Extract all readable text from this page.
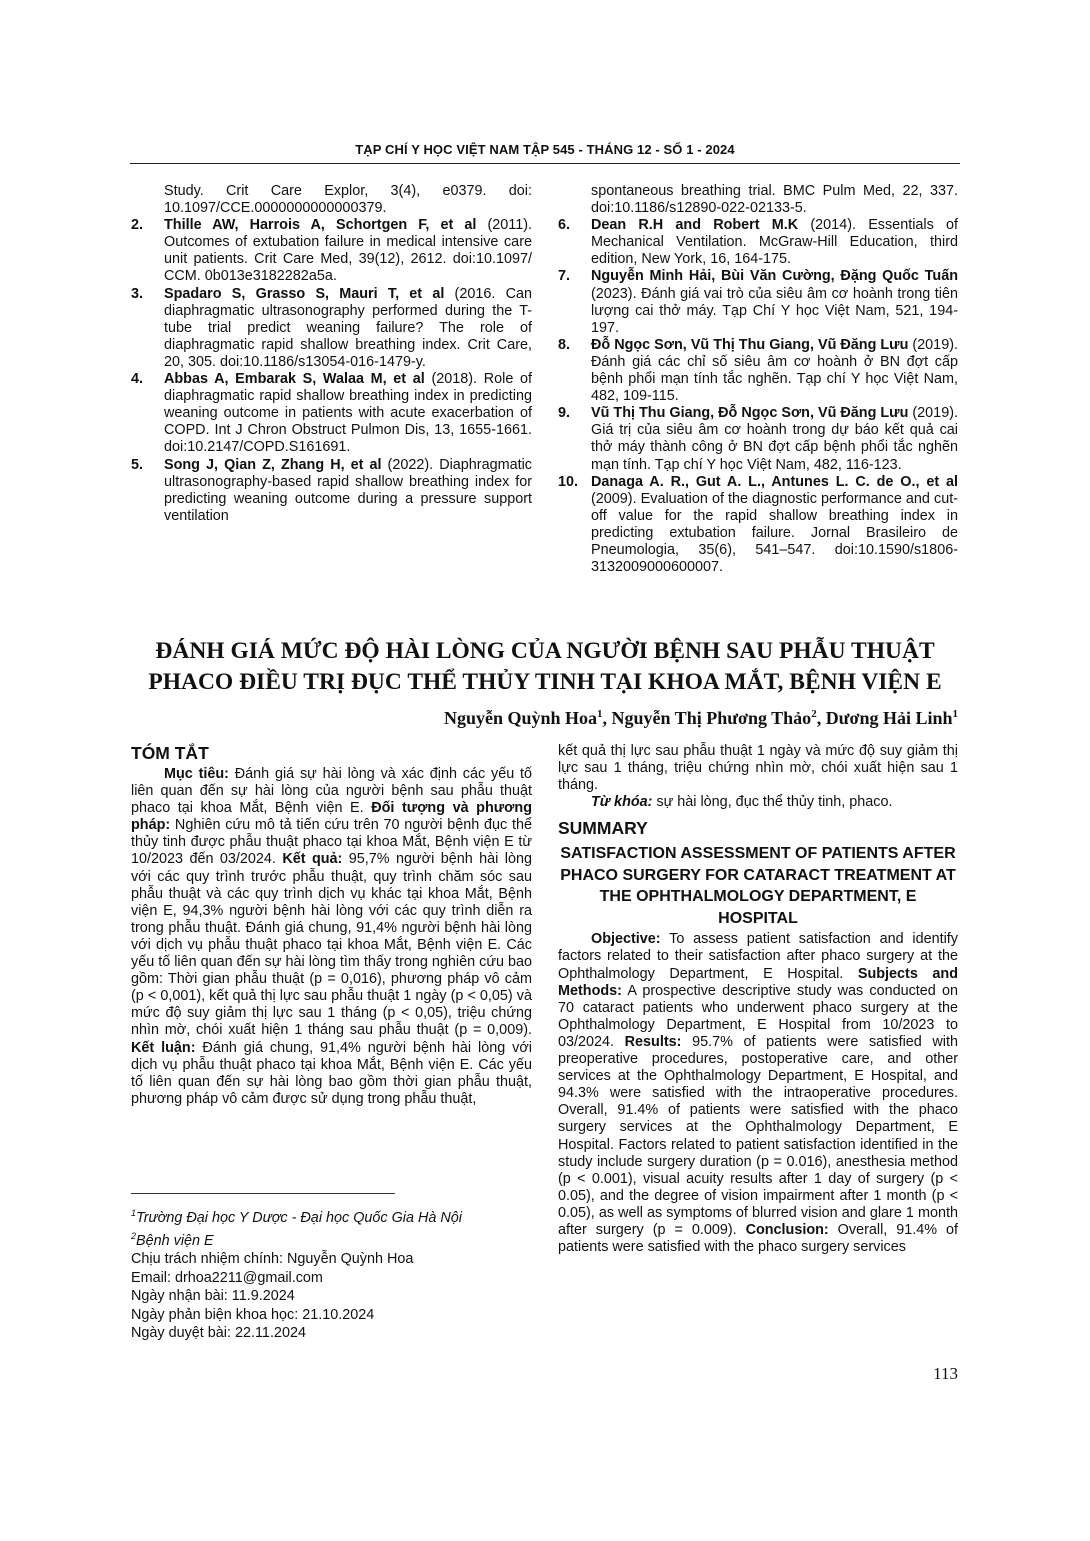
TẠP CHÍ Y HỌC VIỆT NAM TẬP 545 - THÁNG 12 - SỐ 1 - 2024

Study. Crit Care Explor, 3(4), e0379. doi: 10.1097/CCE.0000000000000379.

2. Thille AW, Harrois A, Schortgen F, et al (2011). Outcomes of extubation failure in medical intensive care unit patients. Crit Care Med, 39(12), 2612. doi:10.1097/ CCM. 0b013e3182282a5a.

3. Spadaro S, Grasso S, Mauri T, et al (2016. Can diaphragmatic ultrasonography performed during the T-tube trial predict weaning failure? The role of diaphragmatic rapid shallow breathing index. Crit Care, 20, 305. doi:10.1186/s13054-016-1479-y.

4. Abbas A, Embarak S, Walaa M, et al (2018). Role of diaphragmatic rapid shallow breathing index in predicting weaning outcome in patients with acute exacerbation of COPD. Int J Chron Obstruct Pulmon Dis, 13, 1655-1661. doi:10.2147/COPD.S161691.

5. Song J, Qian Z, Zhang H, et al (2022). Diaphragmatic ultrasonography-based rapid shallow breathing index for predicting weaning outcome during a pressure support ventilation

spontaneous breathing trial. BMC Pulm Med, 22, 337. doi:10.1186/s12890-022-02133-5.

6. Dean R.H and Robert M.K (2014). Essentials of Mechanical Ventilation. McGraw-Hill Education, third edition, New York, 16, 164-175.

7. Nguyễn Minh Hải, Bùi Văn Cường, Đặng Quốc Tuấn (2023). Đánh giá vai trò của siêu âm cơ hoành trong tiên lượng cai thở máy. Tạp Chí Y học Việt Nam, 521, 194-197.

8. Đỗ Ngọc Sơn, Vũ Thị Thu Giang, Vũ Đăng Lưu (2019). Đánh giá các chỉ số siêu âm cơ hoành ở BN đợt cấp bệnh phổi mạn tính tắc nghẽn. Tạp chí Y học Việt Nam, 482, 109-115.

9. Vũ Thị Thu Giang, Đỗ Ngọc Sơn, Vũ Đăng Lưu (2019). Giá trị của siêu âm cơ hoành trong dự báo kết quả cai thở máy thành công ở BN đợt cấp bệnh phổi tắc nghẽn mạn tính. Tạp chí Y học Việt Nam, 482, 116-123.

10. Danaga A. R., Gut A. L., Antunes L. C. de O., et al (2009). Evaluation of the diagnostic performance and cut-off value for the rapid shallow breathing index in predicting extubation failure. Jornal Brasileiro de Pneumologia, 35(6), 541–547. doi:10.1590/s1806-3132009000600007.

ĐÁNH GIÁ MỨC ĐỘ HÀI LÒNG CỦA NGƯỜI BỆNH SAU PHẪU THUẬT
PHACO ĐIỀU TRỊ ĐỤC THỂ THỦY TINH TẠI KHOA MẮT, BỆNH VIỆN E
Nguyễn Quỳnh Hoa$^1$, Nguyễn Thị Phương Thảo$^2$, Dương Hải Linh$^1$

TÓM TẮT

Mục tiêu: Đánh giá sự hài lòng và xác định các yếu tố liên quan đến sự hài lòng của người bệnh sau phẫu thuật phaco tại khoa Mắt, Bệnh viện E. Đối tượng và phương pháp: Nghiên cứu mô tả tiến cứu trên 70 người bệnh đục thể thủy tinh được phẫu thuật phaco tại khoa Mắt, Bệnh viện E từ 10/2023 đến 03/2024. Kết quả: 95,7% người bệnh hài lòng với các quy trình trước phẫu thuật, quy trình chăm sóc sau phẫu thuật và các quy trình dịch vụ khác tại khoa Mắt, Bệnh viện E, 94,3% người bệnh hài lòng với các quy trình diễn ra trong phẫu thuật. Đánh giá chung, 91,4% người bệnh hài lòng với dịch vụ phẫu thuật phaco tại khoa Mắt, Bệnh viện E. Các yếu tố liên quan đến sự hài lòng tìm thấy trong nghiên cứu bao gồm: Thời gian phẫu thuật (p = 0,016), phương pháp vô cảm (p < 0,001), kết quả thị lực sau phẫu thuật 1 ngày (p < 0,05) và mức độ suy giảm thị lực sau 1 tháng (p < 0,05), triệu chứng nhìn mờ, chói xuất hiện 1 tháng sau phẫu thuật (p = 0,009). Kết luận: Đánh giá chung, 91,4% người bệnh hài lòng với dịch vụ phẫu thuật phaco tại khoa Mắt, Bệnh viện E. Các yếu tố liên quan đến sự hài lòng bao gồm thời gian phẫu thuật, phương pháp vô cảm được sử dụng trong phẫu thuật,

kết quả thị lực sau phẫu thuật 1 ngày và mức độ suy giảm thị lực sau 1 tháng, triệu chứng nhìn mờ, chói xuất hiện sau 1 tháng.

Từ khóa: sự hài lòng, đục thể thủy tinh, phaco.

SUMMARY

SATISFACTION ASSESSMENT OF PATIENTS AFTER PHACO SURGERY FOR CATARACT TREATMENT AT THE OPHTHALMOLOGY DEPARTMENT, E HOSPITAL

Objective: To assess patient satisfaction and identify factors related to their satisfaction after phaco surgery at the Ophthalmology Department, E Hospital. Subjects and Methods: A prospective descriptive study was conducted on 70 cataract patients who underwent phaco surgery at the Ophthalmology Department, E Hospital from 10/2023 to 03/2024. Results: 95.7% of patients were satisfied with preoperative procedures, postoperative care, and other services at the Ophthalmology Department, E Hospital, and 94.3% were satisfied with the intraoperative procedures. Overall, 91.4% of patients were satisfied with the phaco surgery services at the Ophthalmology Department, E Hospital. Factors related to patient satisfaction identified in the study include surgery duration (p = 0.016), anesthesia method (p < 0.001), visual acuity results after 1 day of surgery (p < 0.05), and the degree of vision impairment after 1 month (p < 0.05), as well as symptoms of blurred vision and glare 1 month after surgery (p = 0.009). Conclusion: Overall, 91.4% of patients were satisfied with the phaco surgery services

$^1$Trường Đại học Y Dược - Đại học Quốc Gia Hà Nội
$^2$Bệnh viện E
Chịu trách nhiệm chính: Nguyễn Quỳnh Hoa
Email: drhoa2211@gmail.com
Ngày nhận bài: 11.9.2024
Ngày phản biện khoa học: 21.10.2024
Ngày duyệt bài: 22.11.2024
113
